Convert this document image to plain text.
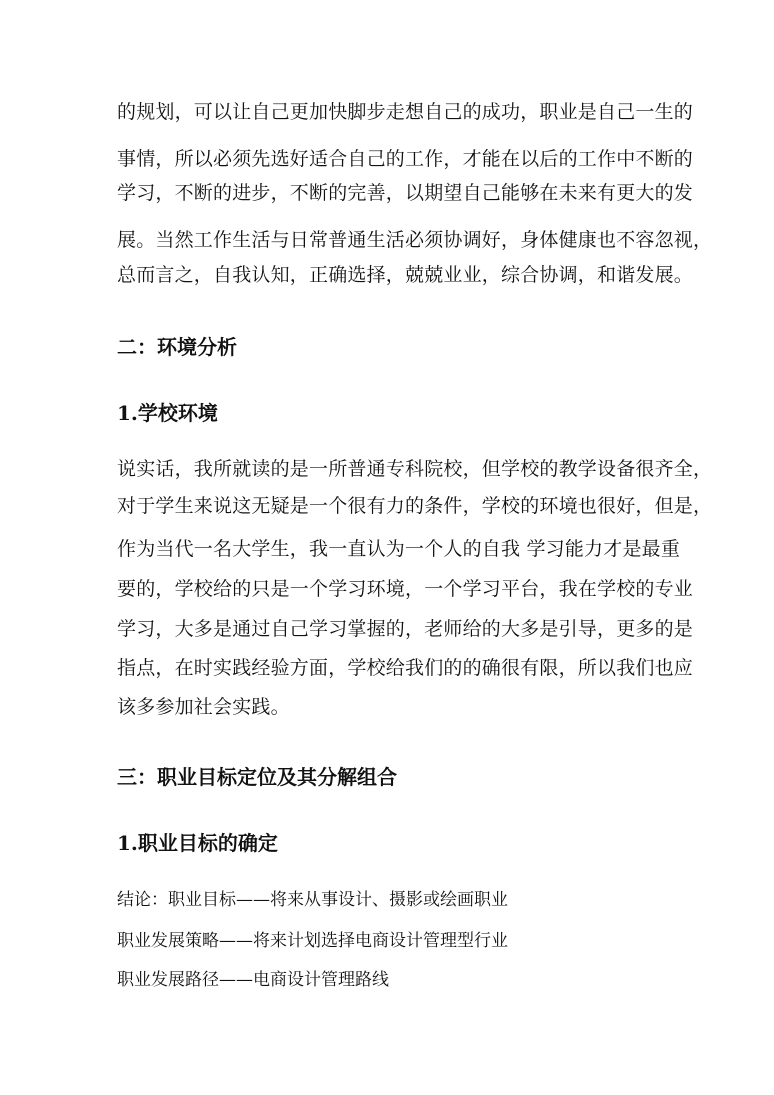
的规划，可以让自己更加快脚步走想自己的成功，职业是自己一生的
事情，所以必须先选好适合自己的工作，才能在以后的工作中不断的
学习，不断的进步，不断的完善，以期望自己能够在未来有更大的发
展。当然工作生活与日常普通生活必须协调好，身体健康也不容忽视，
总而言之，自我认知，正确选择，兢兢业业，综合协调，和谐发展。
二：环境分析
1.学校环境
说实话，我所就读的是一所普通专科院校，但学校的教学设备很齐全，
对于学生来说这无疑是一个很有力的条件，学校的环境也很好，但是，
作为当代一名大学生，我一直认为一个人的自我 学习能力才是最重
要的，学校给的只是一个学习环境，一个学习平台，我在学校的专业
学习，大多是通过自己学习掌握的，老师给的大多是引导，更多的是
指点，在时实践经验方面，学校给我们的的确很有限，所以我们也应
该多参加社会实践。
三：职业目标定位及其分解组合
1.职业目标的确定
结论：职业目标——将来从事设计、摄影或绘画职业
职业发展策略——将来计划选择电商设计管理型行业
职业发展路径——电商设计管理路线
